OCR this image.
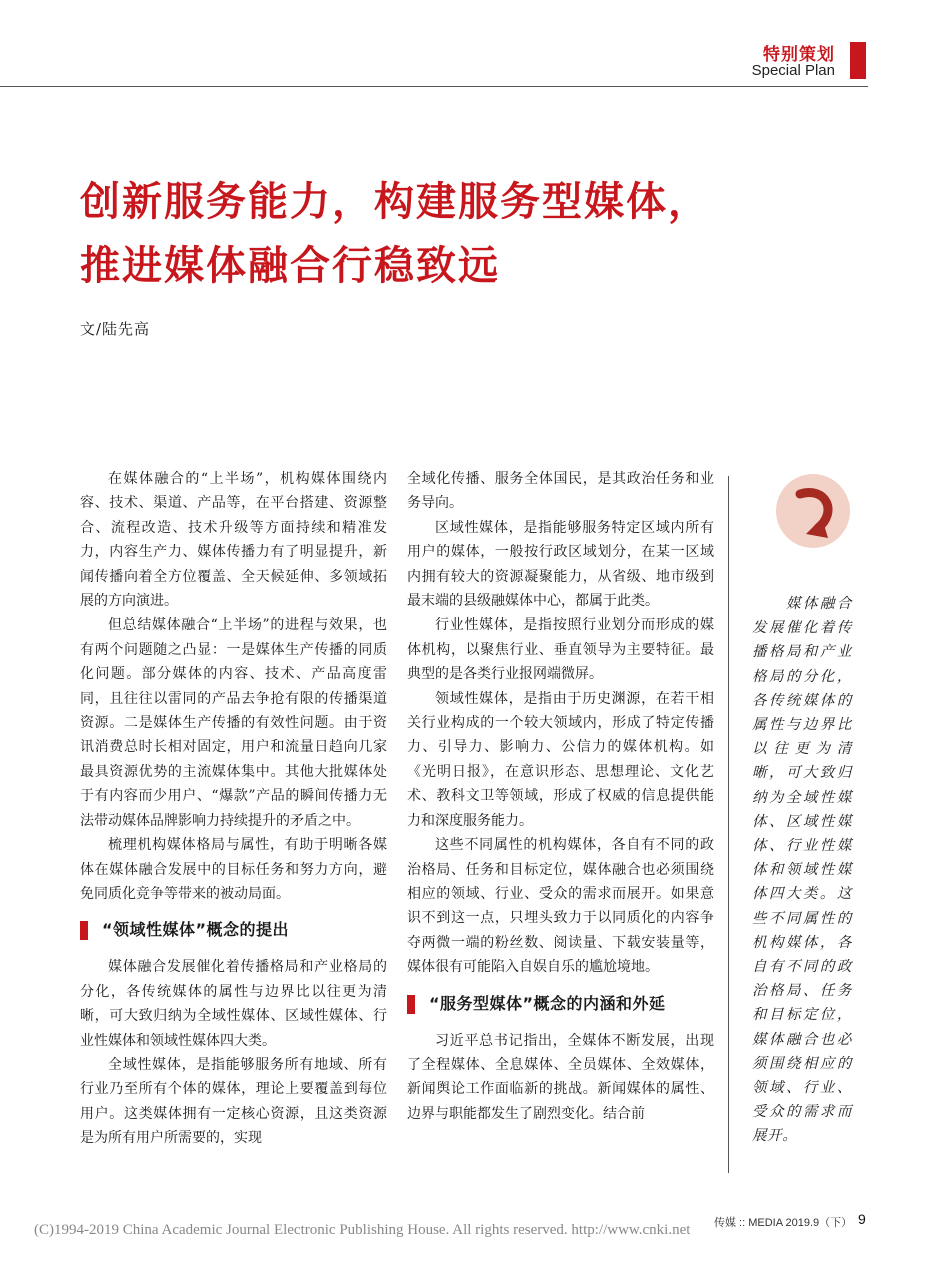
特别策划
Special Plan
创新服务能力，构建服务型媒体，
推进媒体融合行稳致远
文/陆先高

在媒体融合的“上半场”，机构媒体围绕内容、技术、渠道、产品等，在平台搭建、资源整合、流程改造、技术升级等方面持续和精准发力，内容生产力、媒体传播力有了明显提升，新闻传播向着全方位覆盖、全天候延伸、多领域拓展的方向演进。

但总结媒体融合“上半场”的进程与效果，也有两个问题随之凸显：一是媒体生产传播的同质化问题。部分媒体的内容、技术、产品高度雷同，且往往以雷同的产品去争抢有限的传播渠道资源。二是媒体生产传播的有效性问题。由于资讯消费总时长相对固定，用户和流量日趋向几家最具资源优势的主流媒体集中。其他大批媒体处于有内容而少用户、“爆款”产品的瞬间传播力无法带动媒体品牌影响力持续提升的矛盾之中。

梳理机构媒体格局与属性，有助于明晰各媒体在媒体融合发展中的目标任务和努力方向，避免同质化竞争等带来的被动局面。

“领域性媒体”概念的提出

媒体融合发展催化着传播格局和产业格局的分化，各传统媒体的属性与边界比以往更为清晰，可大致归纳为全域性媒体、区域性媒体、行业性媒体和领域性媒体四大类。

全域性媒体，是指能够服务所有地域、所有行业乃至所有个体的媒体，理论上要覆盖到每位用户。这类媒体拥有一定核心资源，且这类资源是为所有用户所需要的，实现

全域化传播、服务全体国民，是其政治任务和业务导向。

区域性媒体，是指能够服务特定区域内所有用户的媒体，一般按行政区域划分，在某一区域内拥有较大的资源凝聚能力，从省级、地市级到最末端的县级融媒体中心，都属于此类。

行业性媒体，是指按照行业划分而形成的媒体机构，以聚焦行业、垂直领导为主要特征。最典型的是各类行业报网端微屏。

领域性媒体，是指由于历史渊源，在若干相关行业构成的一个较大领域内，形成了特定传播力、引导力、影响力、公信力的媒体机构。如《光明日报》，在意识形态、思想理论、文化艺术、教科文卫等领域，形成了权威的信息提供能力和深度服务能力。

这些不同属性的机构媒体，各自有不同的政治格局、任务和目标定位，媒体融合也必须围绕相应的领域、行业、受众的需求而展开。如果意识不到这一点，只埋头致力于以同质化的内容争夺两微一端的粉丝数、阅读量、下载安装量等，媒体很有可能陷入自娱自乐的尴尬境地。

“服务型媒体”概念的内涵和外延

习近平总书记指出，全媒体不断发展，出现了全程媒体、全息媒体、全员媒体、全效媒体，新闻舆论工作面临新的挑战。新闻媒体的属性、边界与职能都发生了剧烈变化。结合前

　　媒体融合发展催化着传播格局和产业格局的分化，各传统媒体的属性与边界比以往更为清晰，可大致归纳为全域性媒体、区域性媒体、行业性媒体和领域性媒体四大类。这些不同属性的机构媒体，各自有不同的政治格局、任务和目标定位，媒体融合也必须围绕相应的领域、行业、受众的需求而展开。
传媒 :: MEDIA 2019.9（下） 9
(C)1994-2019 China Academic Journal Electronic Publishing House. All rights reserved. http://www.cnki.net
